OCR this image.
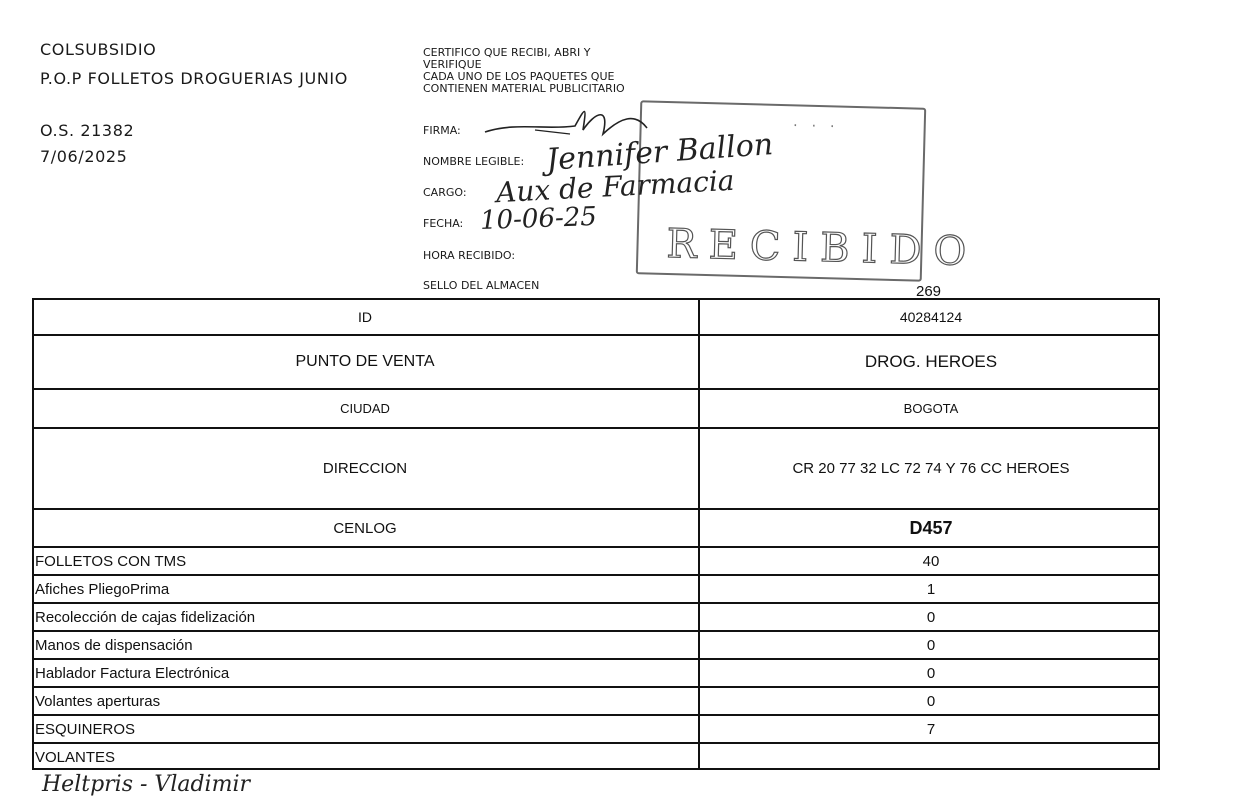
COLSUBSIDIO
P.O.P FOLLETOS DROGUERIAS JUNIO
O.S. 21382
7/06/2025
CERTIFICO QUE RECIBI, ABRI Y
VERIFIQUE
CADA UNO DE LOS PAQUETES QUE
CONTIENEN MATERIAL PUBLICITARIO
FIRMA:
NOMBRE LEGIBLE:
CARGO:
FECHA:
HORA RECIBIDO:
SELLO DEL ALMACEN
· · ·
RECIBIDO
Jennifer Ballon
Aux de Farmacia
10-06-25
269
ID	40284124
PUNTO DE VENTA	DROG. HEROES
CIUDAD	BOGOTA
DIRECCION	CR 20 77 32 LC 72 74 Y 76 CC HEROES
CENLOG	D457
FOLLETOS CON TMS	40
Afiches PliegoPrima	1
Recolección de cajas fidelización	0
Manos de dispensación	0
Hablador Factura Electrónica	0
Volantes aperturas	0
ESQUINEROS	7
VOLANTES
Heltpris - Vladimir
